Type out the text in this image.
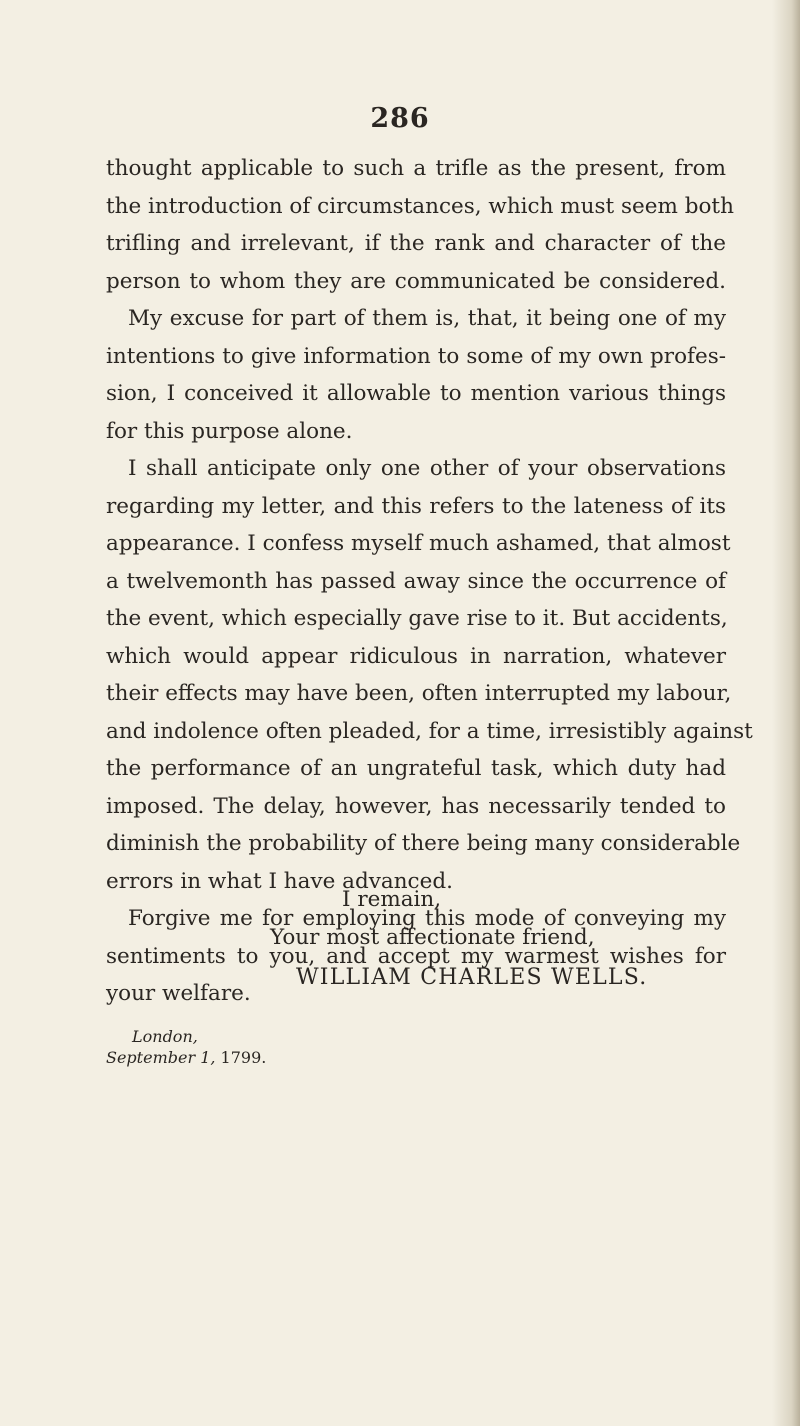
286
thought applicable to such a trifle as the present, from
the introduction of circumstances, which must seem both
trifling and irrelevant, if the rank and character of the
person to whom they are communicated be considered.
My excuse for part of them is, that, it being one of my
intentions to give information to some of my own profes-
sion, I conceived it allowable to mention various things
for this purpose alone.
I shall anticipate only one other of your observations
regarding my letter, and this refers to the lateness of its
appearance. I confess myself much ashamed, that almost
a twelvemonth has passed away since the occurrence of
the event, which especially gave rise to it. But accidents,
which would appear ridiculous in narration, whatever
their effects may have been, often interrupted my labour,
and indolence often pleaded, for a time, irresistibly against
the performance of an ungrateful task, which duty had
imposed. The delay, however, has necessarily tended to
diminish the probability of there being many considerable
errors in what I have advanced.
Forgive me for employing this mode of conveying my
sentiments to you, and accept my warmest wishes for
your welfare.
I remain,
Your most affectionate friend,
WILLIAM CHARLES WELLS.
London,
September 1, 1799.
